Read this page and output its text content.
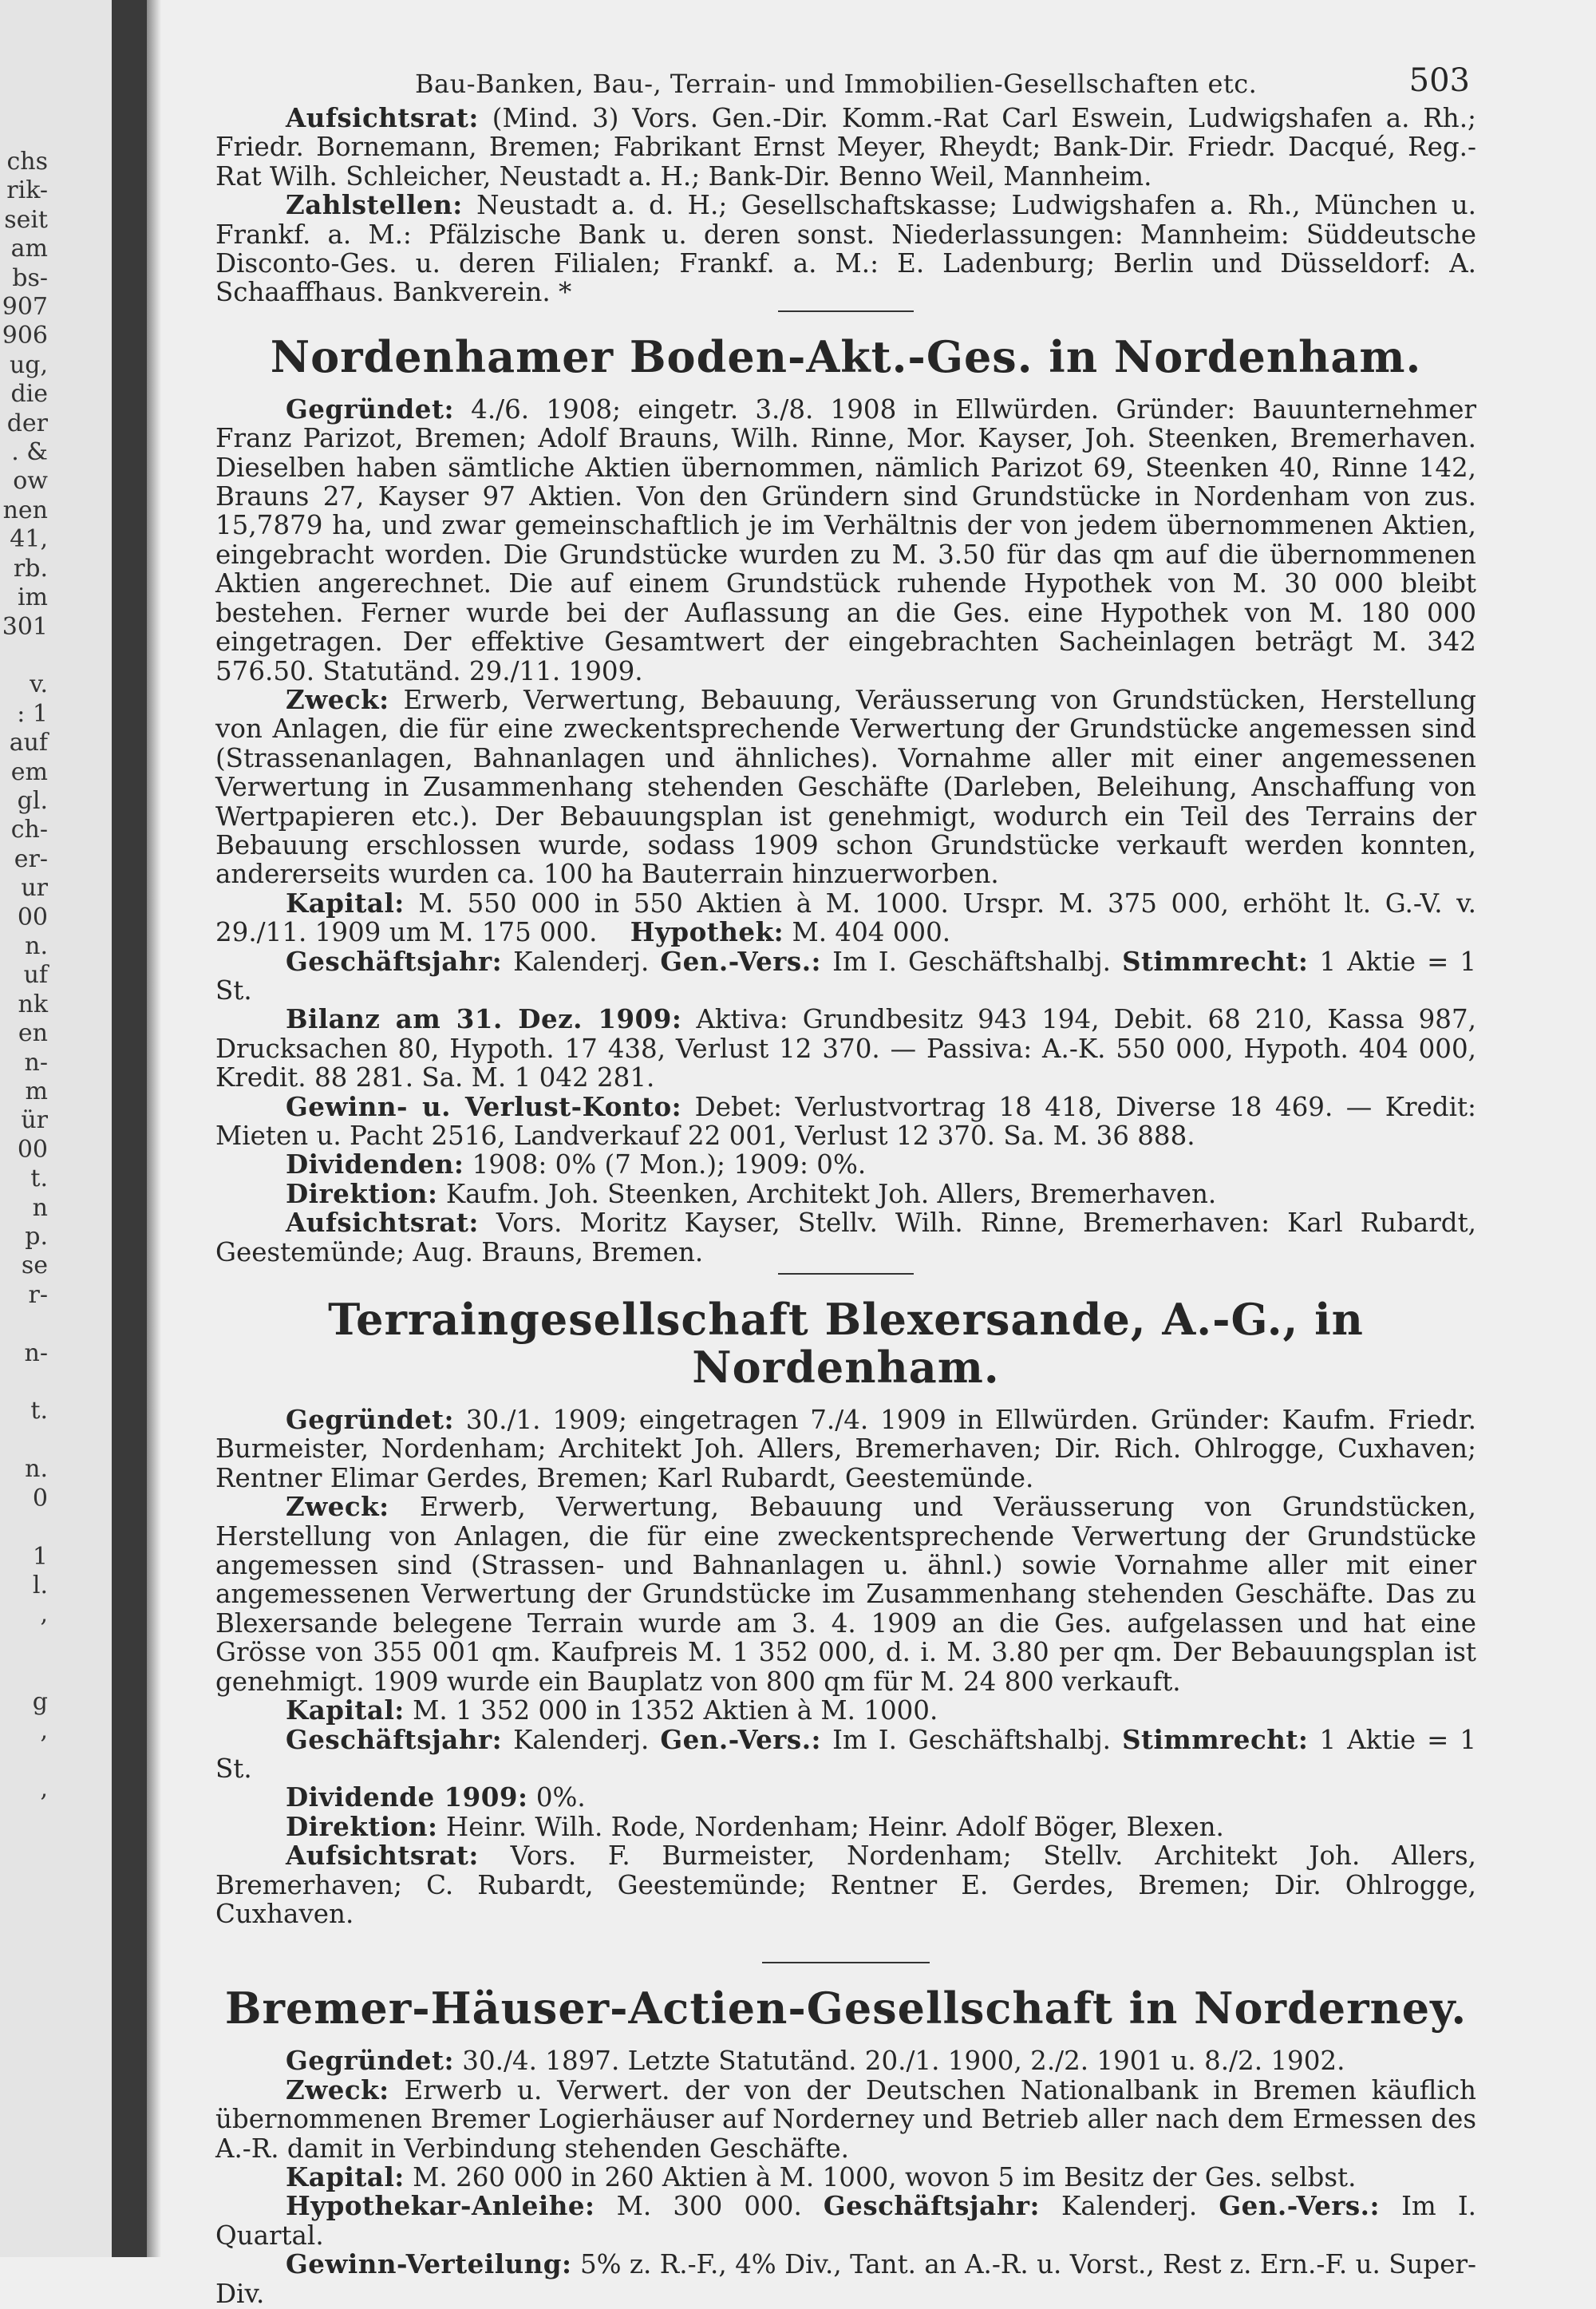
chs
rik-
seit
am
bs-
907
906
ug,
die
der
. &
ow
nen
41,
rb.
im
301

v.
: 1
auf
em
gl.
ch-
er-
ur
00
n.
uf
nk
en
n-
m
ür
00
t.
n
p.
se
r-

n-

t.

n.
0

1
l.
,

g
,

,

Bau-Banken, Bau-, Terrain- und Immobilien-Gesellschaften etc.	503

Aufsichtsrat: (Mind. 3) Vors. Gen.-Dir. Komm.-Rat Carl Eswein, Ludwigshafen a. Rh.; Friedr. Bornemann, Bremen; Fabrikant Ernst Meyer, Rheydt; Bank-Dir. Friedr. Dacqué, Reg.-Rat Wilh. Schleicher, Neustadt a. H.; Bank-Dir. Benno Weil, Mannheim.

Zahlstellen: Neustadt a. d. H.; Gesellschaftskasse; Ludwigshafen a. Rh., München u. Frankf. a. M.: Pfälzische Bank u. deren sonst. Niederlassungen: Mannheim: Süddeutsche Disconto-Ges. u. deren Filialen; Frankf. a. M.: E. Ladenburg; Berlin und Düsseldorf: A. Schaaffhaus. Bankverein. *

Nordenhamer Boden-Akt.-Ges. in Nordenham.

Gegründet: 4./6. 1908; eingetr. 3./8. 1908 in Ellwürden. Gründer: Bauunternehmer Franz Parizot, Bremen; Adolf Brauns, Wilh. Rinne, Mor. Kayser, Joh. Steenken, Bremerhaven. Dieselben haben sämtliche Aktien übernommen, nämlich Parizot 69, Steenken 40, Rinne 142, Brauns 27, Kayser 97 Aktien. Von den Gründern sind Grundstücke in Nordenham von zus. 15,7879 ha, und zwar gemeinschaftlich je im Verhältnis der von jedem übernommenen Aktien, eingebracht worden. Die Grundstücke wurden zu M. 3.50 für das qm auf die übernommenen Aktien angerechnet. Die auf einem Grundstück ruhende Hypothek von M. 30 000 bleibt bestehen. Ferner wurde bei der Auflassung an die Ges. eine Hypothek von M. 180 000 eingetragen. Der effektive Gesamtwert der eingebrachten Sacheinlagen beträgt M. 342 576.50. Statutänd. 29./11. 1909.

Zweck: Erwerb, Verwertung, Bebauung, Veräusserung von Grundstücken, Herstellung von Anlagen, die für eine zweckentsprechende Verwertung der Grundstücke angemessen sind (Strassenanlagen, Bahnanlagen und ähnliches). Vornahme aller mit einer angemessenen Verwertung in Zusammenhang stehenden Geschäfte (Darleben, Beleihung, Anschaffung von Wertpapieren etc.). Der Bebauungsplan ist genehmigt, wodurch ein Teil des Terrains der Bebauung erschlossen wurde, sodass 1909 schon Grundstücke verkauft werden konnten, andererseits wurden ca. 100 ha Bauterrain hinzuerworben.

Kapital: M. 550 000 in 550 Aktien à M. 1000. Urspr. M. 375 000, erhöht lt. G.-V. v. 29./11. 1909 um M. 175 000. Hypothek: M. 404 000.

Geschäftsjahr: Kalenderj. Gen.-Vers.: Im I. Geschäftshalbj. Stimmrecht: 1 Aktie = 1 St.

Bilanz am 31. Dez. 1909: Aktiva: Grundbesitz 943 194, Debit. 68 210, Kassa 987, Drucksachen 80, Hypoth. 17 438, Verlust 12 370. — Passiva: A.-K. 550 000, Hypoth. 404 000, Kredit. 88 281. Sa. M. 1 042 281.

Gewinn- u. Verlust-Konto: Debet: Verlustvortrag 18 418, Diverse 18 469. — Kredit: Mieten u. Pacht 2516, Landverkauf 22 001, Verlust 12 370. Sa. M. 36 888.

Dividenden: 1908: 0% (7 Mon.); 1909: 0%.

Direktion: Kaufm. Joh. Steenken, Architekt Joh. Allers, Bremerhaven.

Aufsichtsrat: Vors. Moritz Kayser, Stellv. Wilh. Rinne, Bremerhaven: Karl Rubardt, Geestemünde; Aug. Brauns, Bremen.

Terraingesellschaft Blexersande, A.-G., in Nordenham.

Gegründet: 30./1. 1909; eingetragen 7./4. 1909 in Ellwürden. Gründer: Kaufm. Friedr. Burmeister, Nordenham; Architekt Joh. Allers, Bremerhaven; Dir. Rich. Ohlrogge, Cuxhaven; Rentner Elimar Gerdes, Bremen; Karl Rubardt, Geestemünde.

Zweck: Erwerb, Verwertung, Bebauung und Veräusserung von Grundstücken, Herstellung von Anlagen, die für eine zweckentsprechende Verwertung der Grundstücke angemessen sind (Strassen- und Bahnanlagen u. ähnl.) sowie Vornahme aller mit einer angemessenen Verwertung der Grundstücke im Zusammenhang stehenden Geschäfte. Das zu Blexersande belegene Terrain wurde am 3. 4. 1909 an die Ges. aufgelassen und hat eine Grösse von 355 001 qm. Kaufpreis M. 1 352 000, d. i. M. 3.80 per qm. Der Bebauungsplan ist genehmigt. 1909 wurde ein Bauplatz von 800 qm für M. 24 800 verkauft.

Kapital: M. 1 352 000 in 1352 Aktien à M. 1000.

Geschäftsjahr: Kalenderj. Gen.-Vers.: Im I. Geschäftshalbj. Stimmrecht: 1 Aktie = 1 St.

Dividende 1909: 0%.

Direktion: Heinr. Wilh. Rode, Nordenham; Heinr. Adolf Böger, Blexen.

Aufsichtsrat: Vors. F. Burmeister, Nordenham; Stellv. Architekt Joh. Allers, Bremerhaven; C. Rubardt, Geestemünde; Rentner E. Gerdes, Bremen; Dir. Ohlrogge, Cuxhaven.

Bremer-Häuser-Actien-Gesellschaft in Norderney.

Gegründet: 30./4. 1897. Letzte Statutänd. 20./1. 1900, 2./2. 1901 u. 8./2. 1902.

Zweck: Erwerb u. Verwert. der von der Deutschen Nationalbank in Bremen käuflich übernommenen Bremer Logierhäuser auf Norderney und Betrieb aller nach dem Ermessen des A.-R. damit in Verbindung stehenden Geschäfte.

Kapital: M. 260 000 in 260 Aktien à M. 1000, wovon 5 im Besitz der Ges. selbst.

Hypothekar-Anleihe: M. 300 000. Geschäftsjahr: Kalenderj. Gen.-Vers.: Im I. Quartal.

Gewinn-Verteilung: 5% z. R.-F., 4% Div., Tant. an A.-R. u. Vorst., Rest z. Ern.-F. u. Super-Div.
